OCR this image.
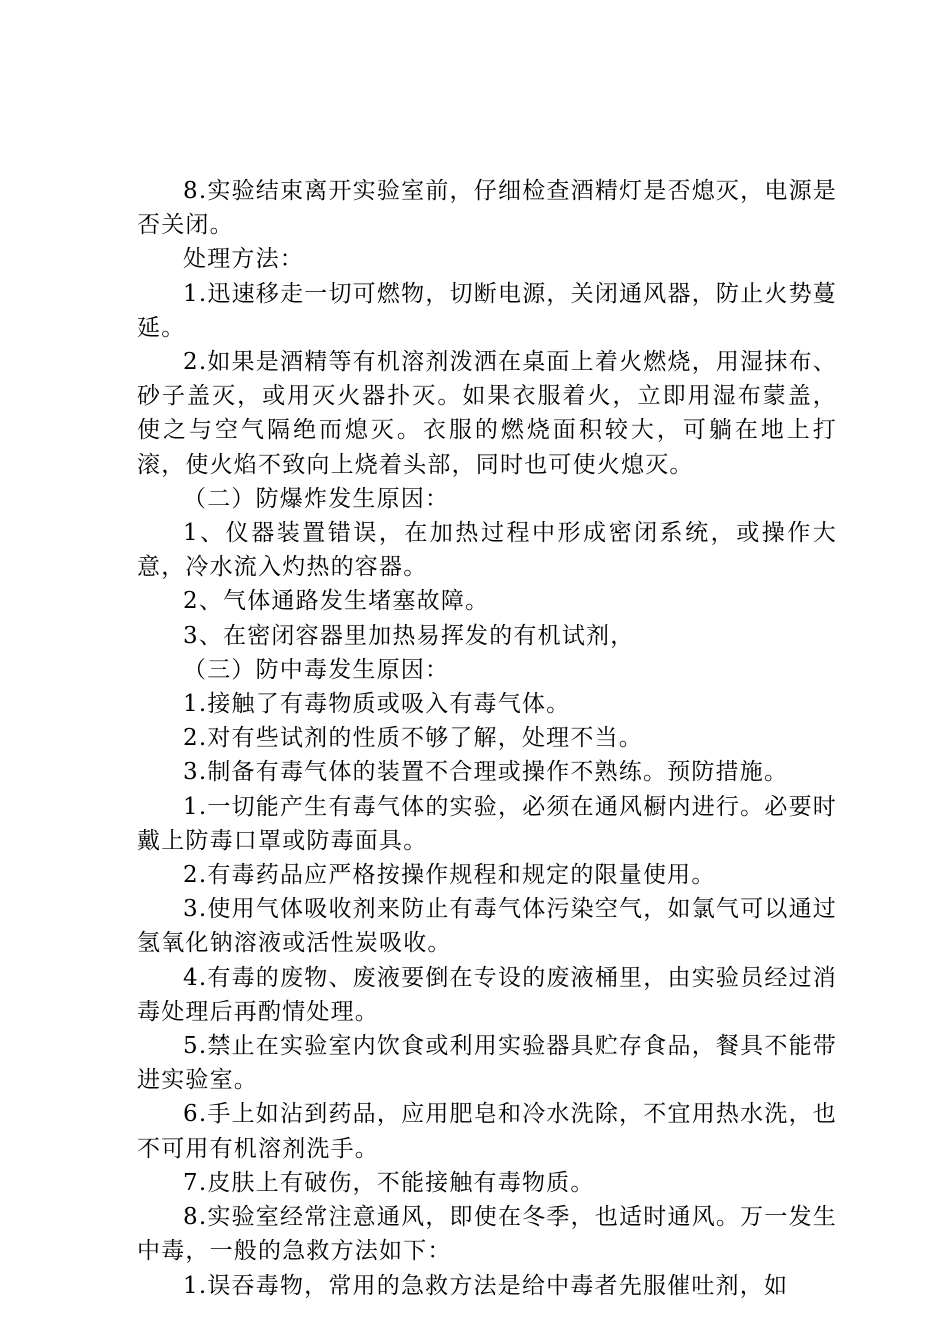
8.实验结束离开实验室前，仔细检查酒精灯是否熄灭，电源是否关闭。

处理方法：

1.迅速移走一切可燃物，切断电源，关闭通风器，防止火势蔓延。

2.如果是酒精等有机溶剂泼洒在桌面上着火燃烧，用湿抹布、砂子盖灭，或用灭火器扑灭。如果衣服着火，立即用湿布蒙盖，使之与空气隔绝而熄灭。衣服的燃烧面积较大，可躺在地上打滚，使火焰不致向上烧着头部，同时也可使火熄灭。

（二）防爆炸发生原因：

1、仪器装置错误，在加热过程中形成密闭系统，或操作大意，冷水流入灼热的容器。

2、气体通路发生堵塞故障。

3、在密闭容器里加热易挥发的有机试剂，

（三）防中毒发生原因：

1.接触了有毒物质或吸入有毒气体。

2.对有些试剂的性质不够了解，处理不当。

3.制备有毒气体的装置不合理或操作不熟练。预防措施。

1.一切能产生有毒气体的实验，必须在通风橱内进行。必要时戴上防毒口罩或防毒面具。

2.有毒药品应严格按操作规程和规定的限量使用。

3.使用气体吸收剂来防止有毒气体污染空气，如氯气可以通过氢氧化钠溶液或活性炭吸收。

4.有毒的废物、废液要倒在专设的废液桶里，由实验员经过消毒处理后再酌情处理。

5.禁止在实验室内饮食或利用实验器具贮存食品，餐具不能带进实验室。

6.手上如沾到药品，应用肥皂和冷水洗除，不宜用热水洗，也不可用有机溶剂洗手。

7.皮肤上有破伤，不能接触有毒物质。

8.实验室经常注意通风，即使在冬季，也适时通风。万一发生中毒，一般的急救方法如下：

1.误吞毒物，常用的急救方法是给中毒者先服催吐剂，如
